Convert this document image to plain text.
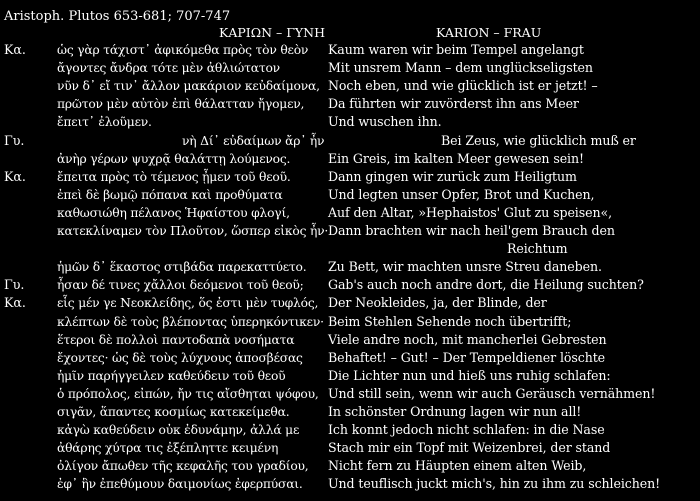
Aristoph. Plutos 653-681; 707-747
ΚΑΡΙΩΝ – ΓΥΝΗ	KARION – FRAU
Κα.	ὡς γὰρ τάχιστ᾽ ἀφικόμεθα πρὸς τὸν θεὸν Kaum waren wir beim Tempel angelangt
ἄγοντες ἄνδρα τότε μὲν ἀθλιώτατον	Mit unsrem Mann – dem unglückseligsten
νῦν δ᾽ εἴ τιν᾽ ἄλλον μακάριον κεὐδαίμονα, Noch eben, und wie glücklich ist er jetzt! –
πρῶτον μὲν αὐτὸν ἐπὶ θάλατταν ἤγομεν, Da führten wir zuvörderst ihn ans Meer
ἔπειτ᾽ ἐλοῦμεν.	Und wuschen ihn.
Γυ.	νὴ Δί᾽ εὐδαίμων ἄρ᾽ ἦν	Bei Zeus, wie glücklich muß er
ἀνὴρ γέρων ψυχρᾷ θαλάττῃ λούμενος.	Ein Greis, im kalten Meer gewesen sein!
Κα.	ἔπειτα πρὸς τὸ τέμενος ᾖμεν τοῦ θεοῦ.	Dann gingen wir zurück zum Heiligtum
ἐπεὶ δὲ βωμῷ πόπανα καὶ προθύματα	Und legten unser Opfer, Brot und Kuchen,
καθωσιώθη πέλανος Ἡφαίστου φλογί,	Auf den Altar, »Hephaistos' Glut zu speisen«,
κατεκλίναμεν τὸν Πλοῦτον, ὥσπερ εἰκὸς ἦν· Dann brachten wir nach heil'gem Brauch den
Reichtum
ἡμῶν δ᾽ ἕκαστος στιβάδα παρεκαττύετο. Zu Bett, wir machten unsre Streu daneben.
Γυ.	ἦσαν δέ τινες χἄλλοι δεόμενοι τοῦ θεοῦ; Gab's auch noch andre dort, die Heilung suchten?
Κα.	εἷς μέν γε Νεοκλείδης, ὅς ἐστι μὲν τυφλός, Der Neokleides, ja, der Blinde, der
κλέπτων δὲ τοὺς βλέποντας ὑπερηκόντικεν· Beim Stehlen Sehende noch übertrifft;
ἕτεροι δὲ πολλοὶ παντοδαπὰ νοσήματα	Viele andre noch, mit mancherlei Gebresten
ἔχοντες· ὡς δὲ τοὺς λύχνους ἀποσβέσας Behaftet! – Gut! – Der Tempeldiener löschte
ἡμῖν παρήγγειλεν καθεύδειν τοῦ θεοῦ	Die Lichter nun und hieß uns ruhig schlafen:
ὁ πρόπολος, εἰπών, ἤν τις αἴσθηται ψόφου, Und still sein, wenn wir auch Geräusch vernähmen!
σιγᾶν, ἅπαντες κοσμίως κατεκείμεθα.	In schönster Ordnung lagen wir nun all!
κἀγὼ καθεύδειν οὐκ ἐδυνάμην, ἀλλά με Ich konnt jedoch nicht schlafen: in die Nase
ἀθάρης χύτρα τις ἐξέπληττε κειμένη	Stach mir ein Topf mit Weizenbrei, der stand
ὀλίγον ἄπωθεν τῆς κεφαλῆς του γραδίου, Nicht fern zu Häupten einem alten Weib,
ἐφ᾽ ἣν ἐπεθύμουν δαιμονίως ἐφερπύσαι. Und teuflisch juckt mich's, hin zu ihm zu schleichen!
